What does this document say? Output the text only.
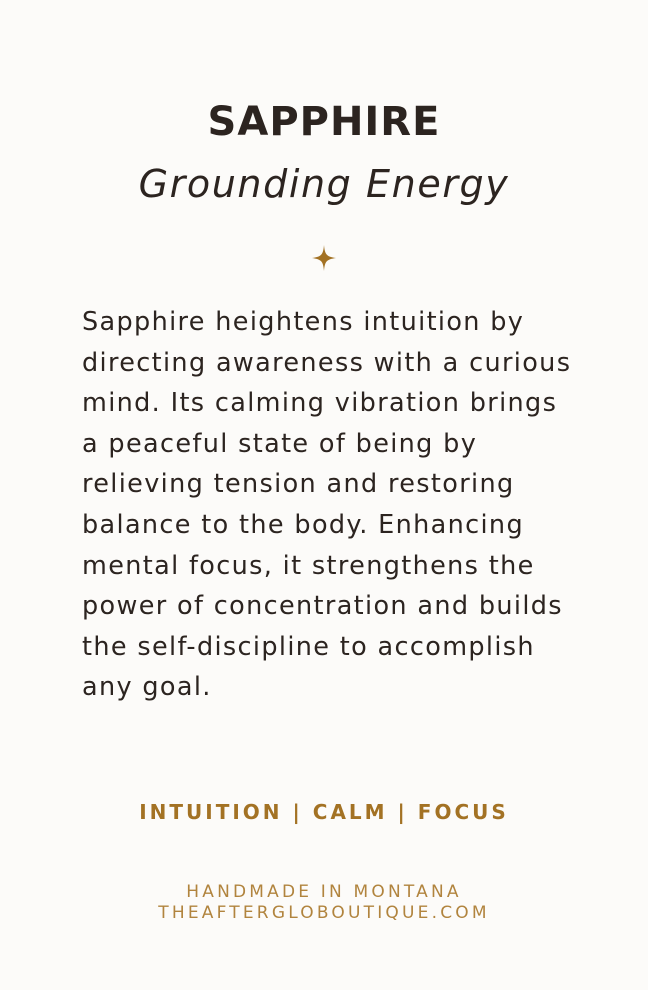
SAPPHIRE
Grounding Energy

Sapphire heightens intuition by directing awareness with a curious mind. Its calming vibration brings a peaceful state of being by relieving tension and restoring balance to the body. Enhancing mental focus, it strengthens the power of concentration and builds the self-discipline to accomplish any goal.

INTUITION | CALM | FOCUS
HANDMADE IN MONTANA
THEAFTERGLOBOUTIQUE.COM
